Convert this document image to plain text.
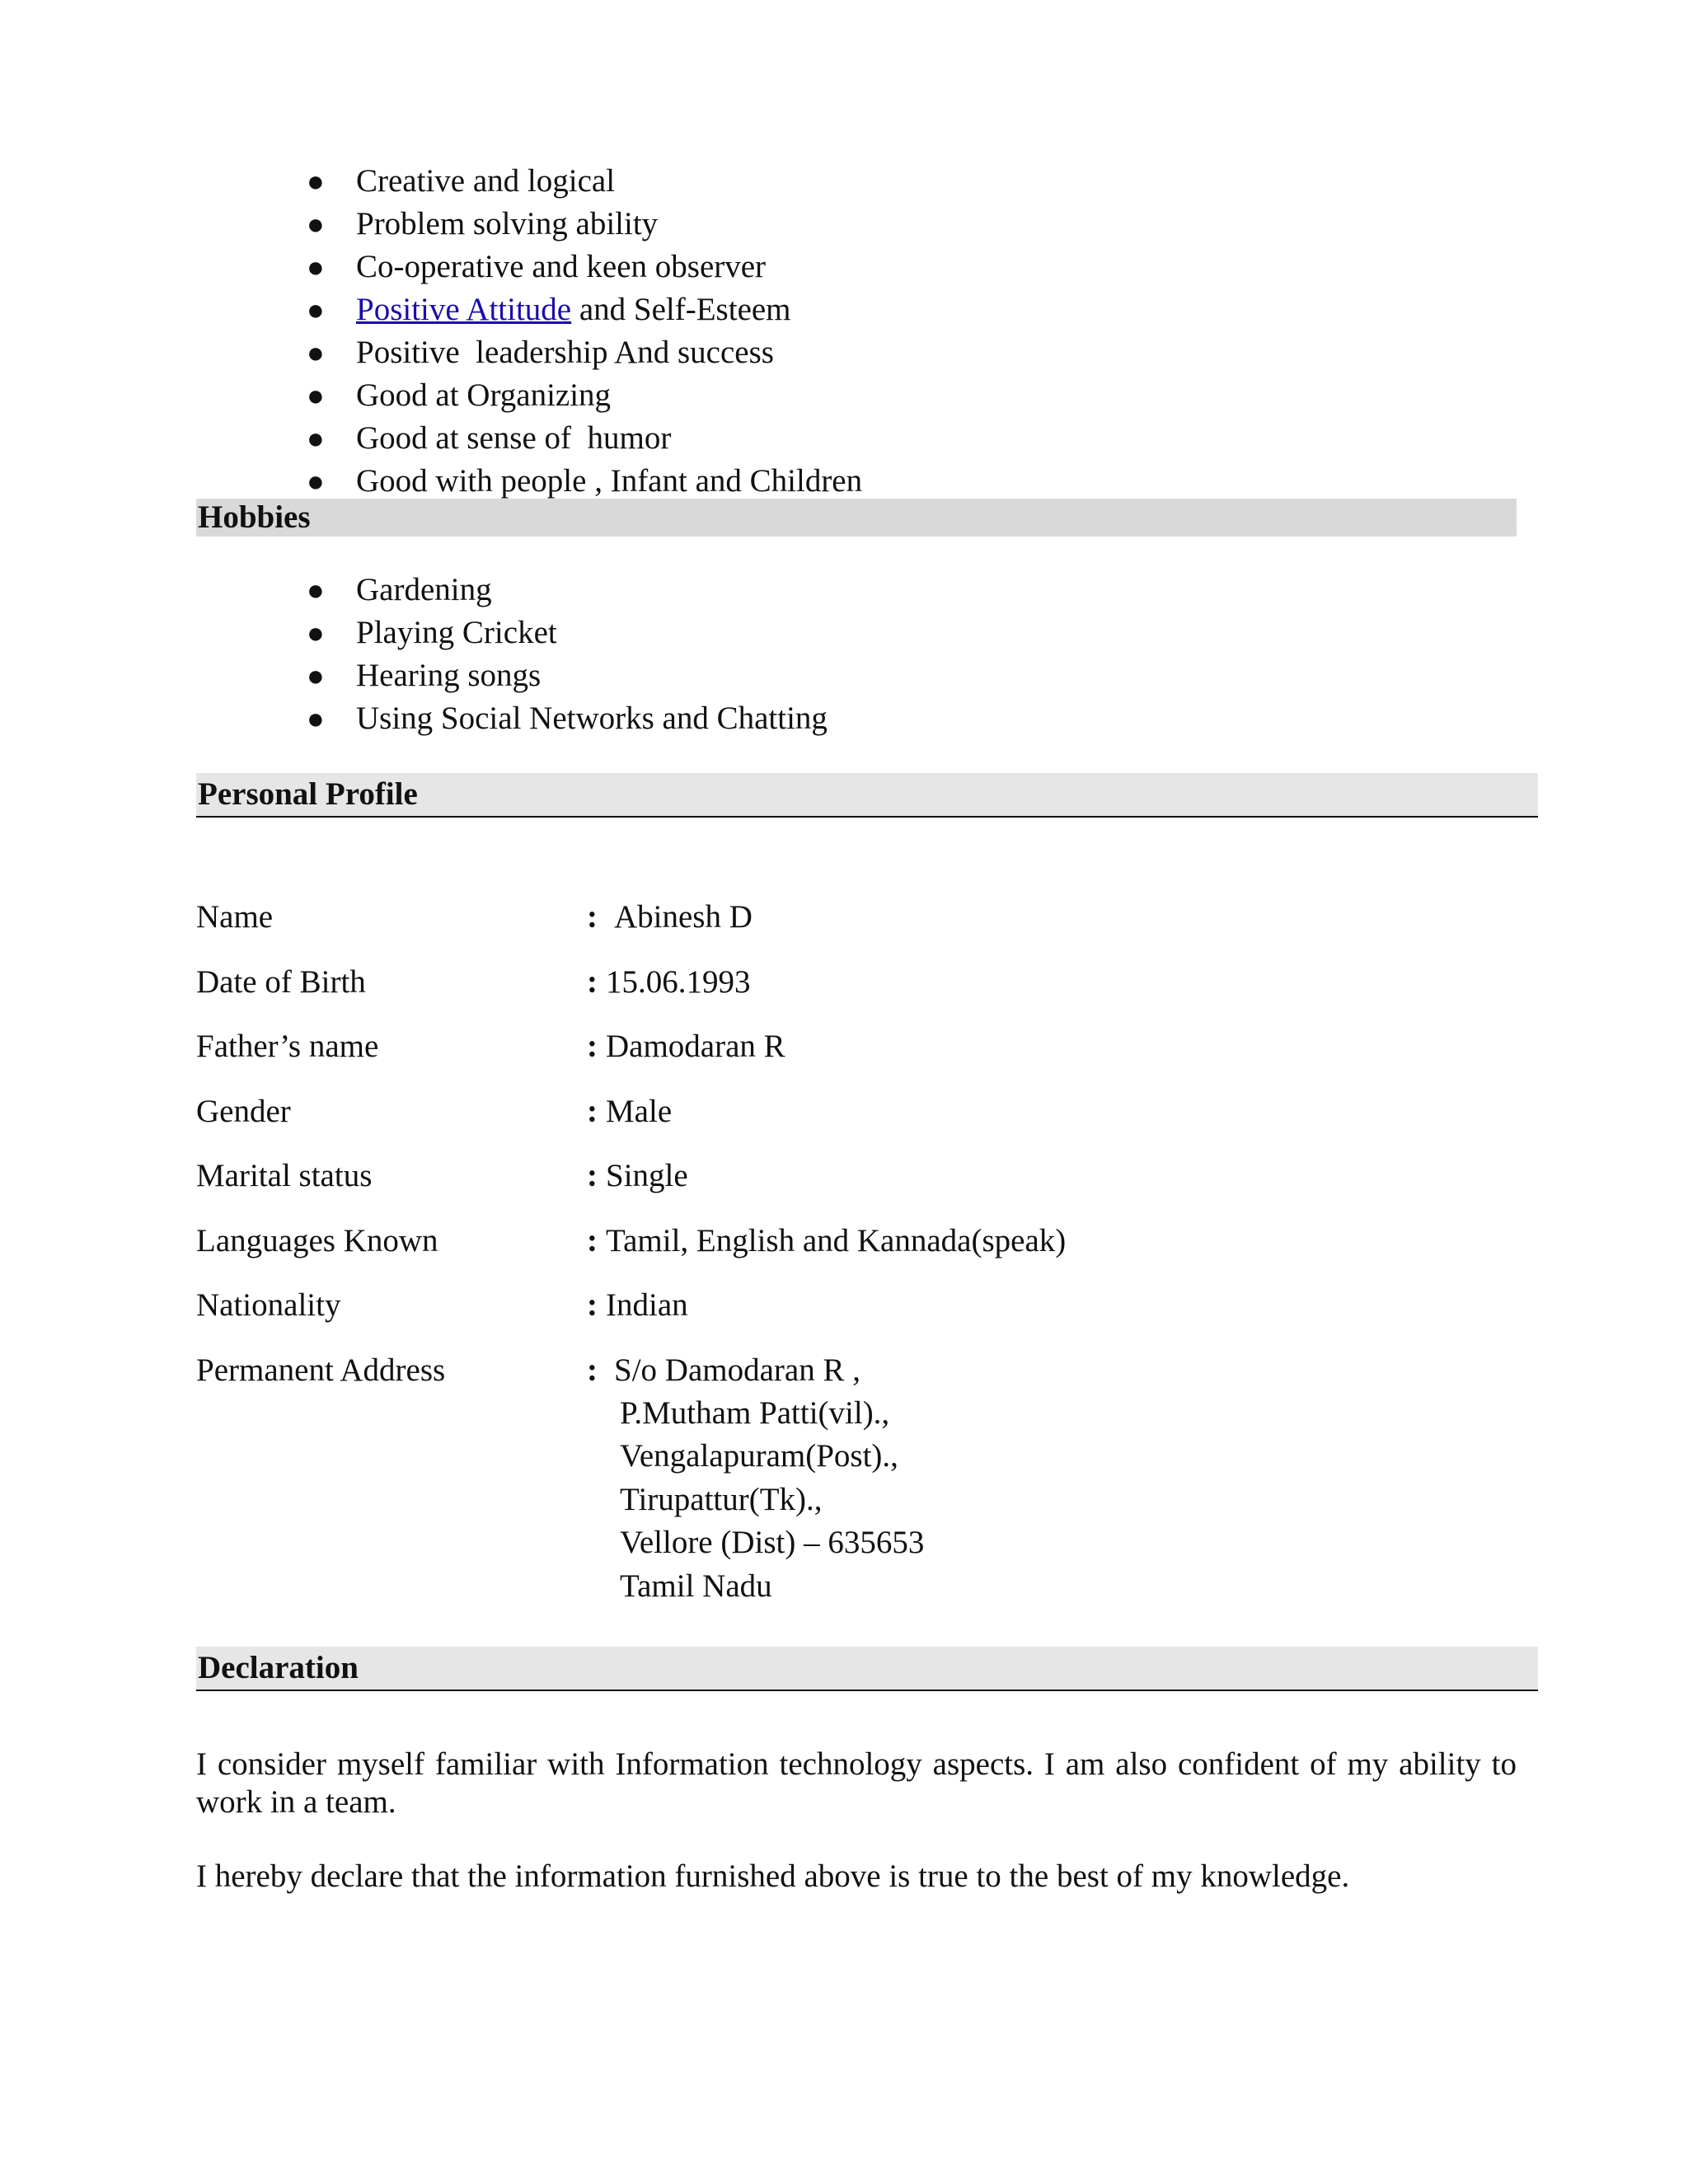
● Creative and logical
● Problem solving ability
● Co-operative and keen observer
● Positive Attitude and Self-Esteem
● Positive  leadership And success
● Good at Organizing
● Good at sense of  humor
● Good with people , Infant and Children
Hobbies
● Gardening
● Playing Cricket
● Hearing songs
● Using Social Networks and Chatting
Personal Profile
Name	: Abinesh D
Date of Birth	: 15.06.1993
Father’s name	: Damodaran R
Gender	: Male
Marital status	: Single
Languages Known	: Tamil, English and Kannada(speak)
Nationality	: Indian
Permanent Address	: S/o Damodaran R ,
P.Mutham Patti(vil).,
Vengalapuram(Post).,
Tirupattur(Tk).,
Vellore (Dist) – 635653
Tamil Nadu
Declaration

I consider myself familiar with Information technology aspects. I am also confident of my ability to work in a team.

I hereby declare that the information furnished above is true to the best of my knowledge.
